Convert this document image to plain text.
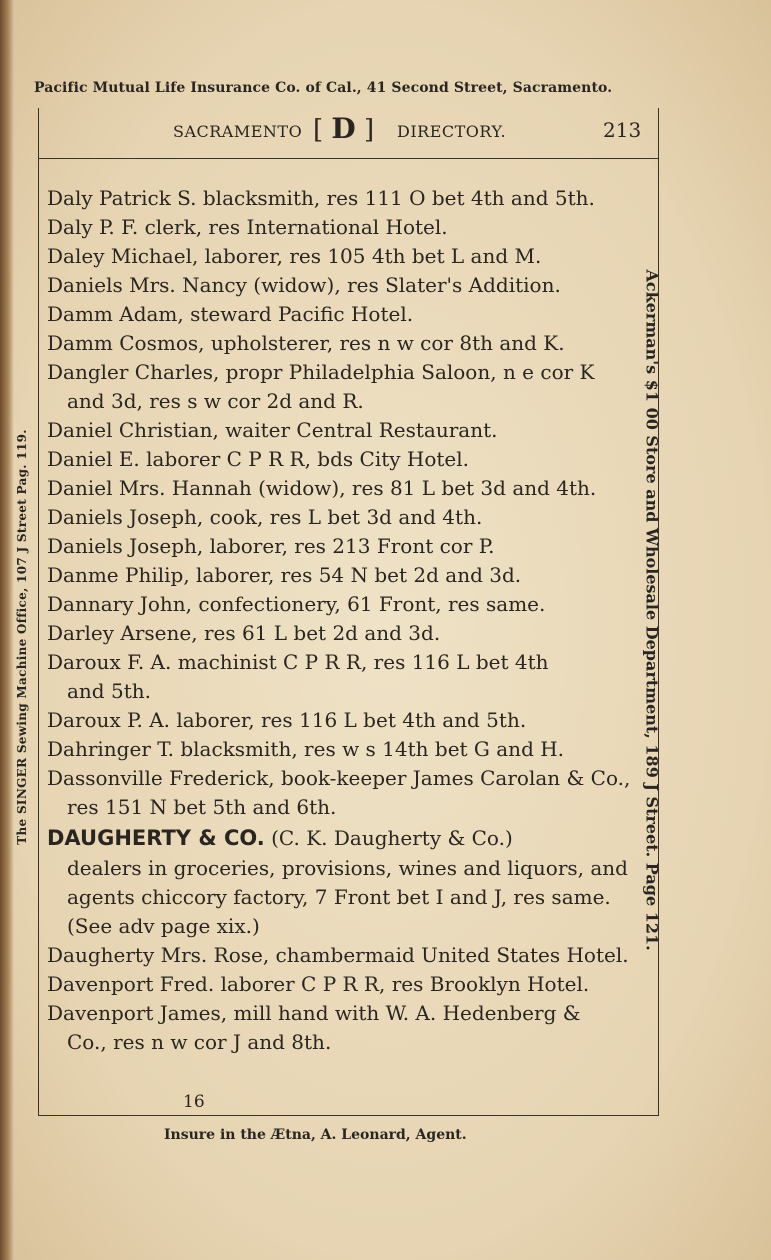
Pacific Mutual Life Insurance Co. of Cal., 41 Second Street, Sacramento.
Ackerman's $1 00 Store and Wholesale Department, 189 J Street. Page 121.
The SINGER Sewing Machine Office, 107 J Street Pag. 119.
SACRAMENTO [ D ] DIRECTORY.	213
Daly Patrick S. blacksmith, res 111 O bet 4th and 5th.
Daly P. F. clerk, res International Hotel.
Daley Michael, laborer, res 105 4th bet L and M.
Daniels Mrs. Nancy (widow), res Slater's Addition.
Damm Adam, steward Pacific Hotel.
Damm Cosmos, upholsterer, res n w cor 8th and K.
Dangler Charles, propr Philadelphia Saloon, n e cor K
and 3d, res s w cor 2d and R.
Daniel Christian, waiter Central Restaurant.
Daniel E. laborer C P R R, bds City Hotel.
Daniel Mrs. Hannah (widow), res 81 L bet 3d and 4th.
Daniels Joseph, cook, res L bet 3d and 4th.
Daniels Joseph, laborer, res 213 Front cor P.
Danme Philip, laborer, res 54 N bet 2d and 3d.
Dannary John, confectionery, 61 Front, res same.
Darley Arsene, res 61 L bet 2d and 3d.
Daroux F. A. machinist C P R R, res 116 L bet 4th
and 5th.
Daroux P. A. laborer, res 116 L bet 4th and 5th.
Dahringer T. blacksmith, res w s 14th bet G and H.
Dassonville Frederick, book-keeper James Carolan & Co.,
res 151 N bet 5th and 6th.
DAUGHERTY & CO. (C. K. Daugherty & Co.)
dealers in groceries, provisions, wines and liquors, and
agents chiccory factory, 7 Front bet I and J, res same.
(See adv page xix.)
Daugherty Mrs. Rose, chambermaid United States Hotel.
Davenport Fred. laborer C P R R, res Brooklyn Hotel.
Davenport James, mill hand with W. A. Hedenberg &
Co., res n w cor J and 8th.
16
Insure in the Ætna, A. Leonard, Agent.
